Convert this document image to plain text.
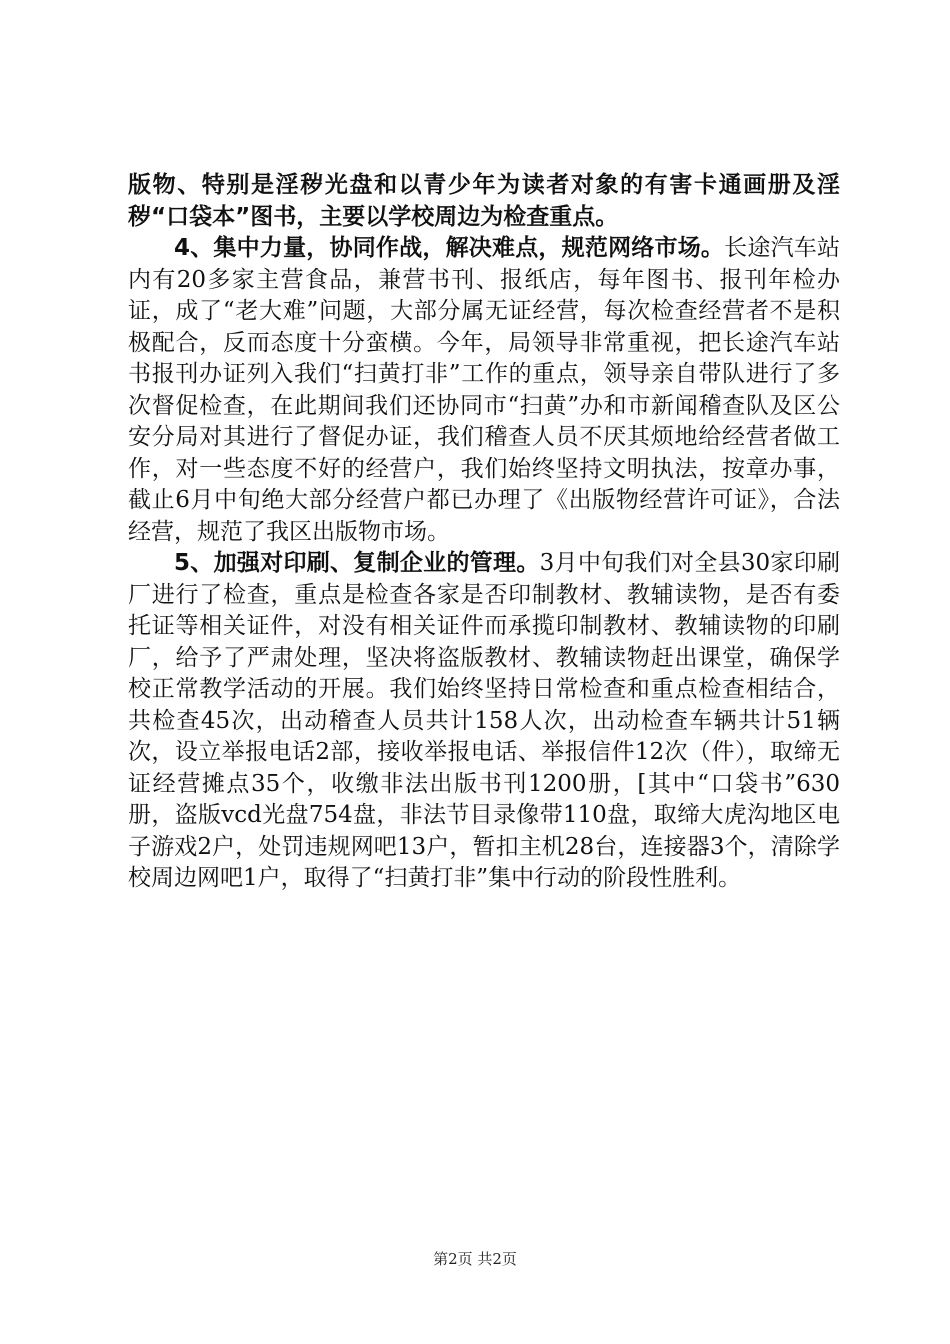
版物、特别是淫秽光盘和以青少年为读者对象的有害卡通画册及淫秽“口袋本”图书，主要以学校周边为检查重点。

4、集中力量，协同作战，解决难点，规范网络市场。长途汽车站内有20多家主营食品，兼营书刊、报纸店，每年图书、报刊年检办证，成了“老大难”问题，大部分属无证经营，每次检查经营者不是积极配合，反而态度十分蛮横。今年，局领导非常重视，把长途汽车站书报刊办证列入我们“扫黄打非”工作的重点，领导亲自带队进行了多次督促检查，在此期间我们还协同市“扫黄”办和市新闻稽查队及区公安分局对其进行了督促办证，我们稽查人员不厌其烦地给经营者做工作，对一些态度不好的经营户，我们始终坚持文明执法，按章办事，截止6月中旬绝大部分经营户都已办理了《出版物经营许可证》，合法经营，规范了我区出版物市场。

5、加强对印刷、复制企业的管理。3月中旬我们对全县30家印刷厂进行了检查，重点是检查各家是否印制教材、教辅读物，是否有委托证等相关证件，对没有相关证件而承揽印制教材、教辅读物的印刷厂，给予了严肃处理，坚决将盗版教材、教辅读物赶出课堂，确保学校正常教学活动的开展。我们始终坚持日常检查和重点检查相结合，共检查45次，出动稽查人员共计158人次，出动检查车辆共计51辆次，设立举报电话2部，接收举报电话、举报信件12次（件），取缔无证经营摊点35个，收缴非法出版书刊1200册，[其中“口袋书”630册，盗版vcd光盘754盘，非法节目录像带110盘，取缔大虎沟地区电子游戏2户，处罚违规网吧13户，暂扣主机28台，连接器3个，清除学校周边网吧1户，取得了“扫黄打非”集中行动的阶段性胜利。

第2页 共2页
